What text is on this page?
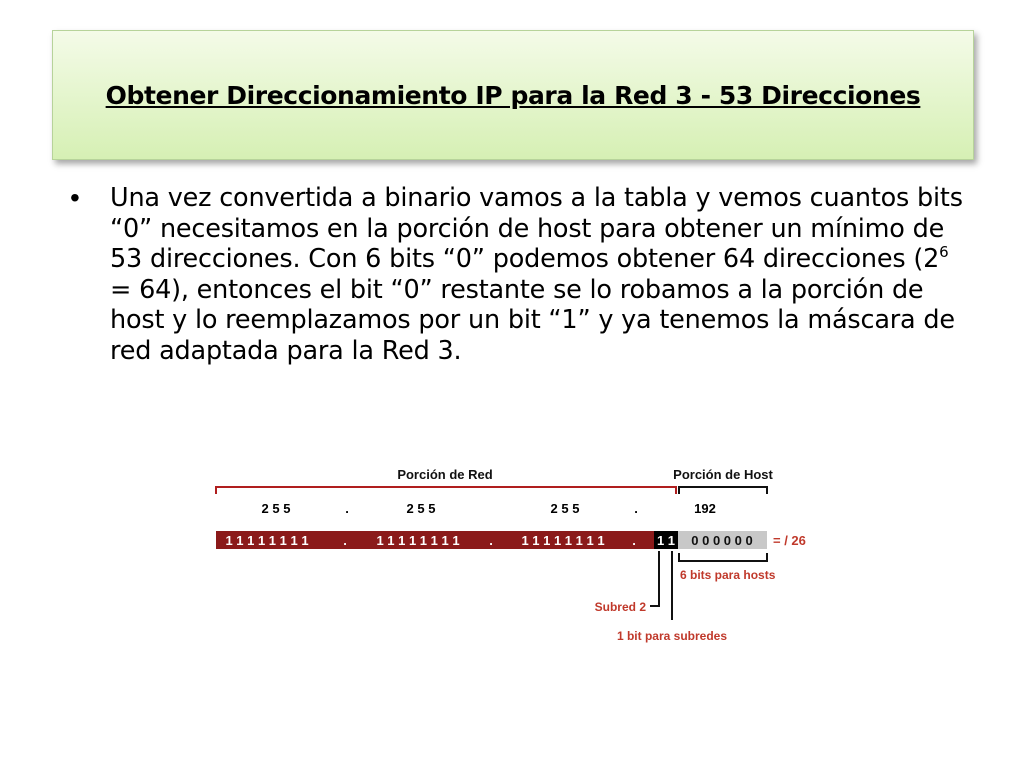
Obtener Direccionamiento IP para la Red 3 - 53 Direcciones
•	Una vez convertida a binario vamos a la tabla y vemos cuantos bits “0” necesitamos en la porción de host para obtener un mínimo de 53 direcciones. Con 6 bits “0” podemos obtener 64 direcciones $(2^6 = 64)$, entonces el bit “0” restante se lo robamos a la porción de host y lo reemplazamos por un bit “1” y ya tenemos la máscara de red adaptada para la Red 3.

Porción de Red	Porción de Host
2 5 5	.	2 5 5	2 5 5	.	192
1 1 1 1 1 1 1 1	. 1 1 1 1 1 1 1 1 . 1 1 1 1 1 1 1 1 . 1 1 0 0 0 0 0 0 = / 26
6 bits para hosts
Subred 2
1 bit para subredes
